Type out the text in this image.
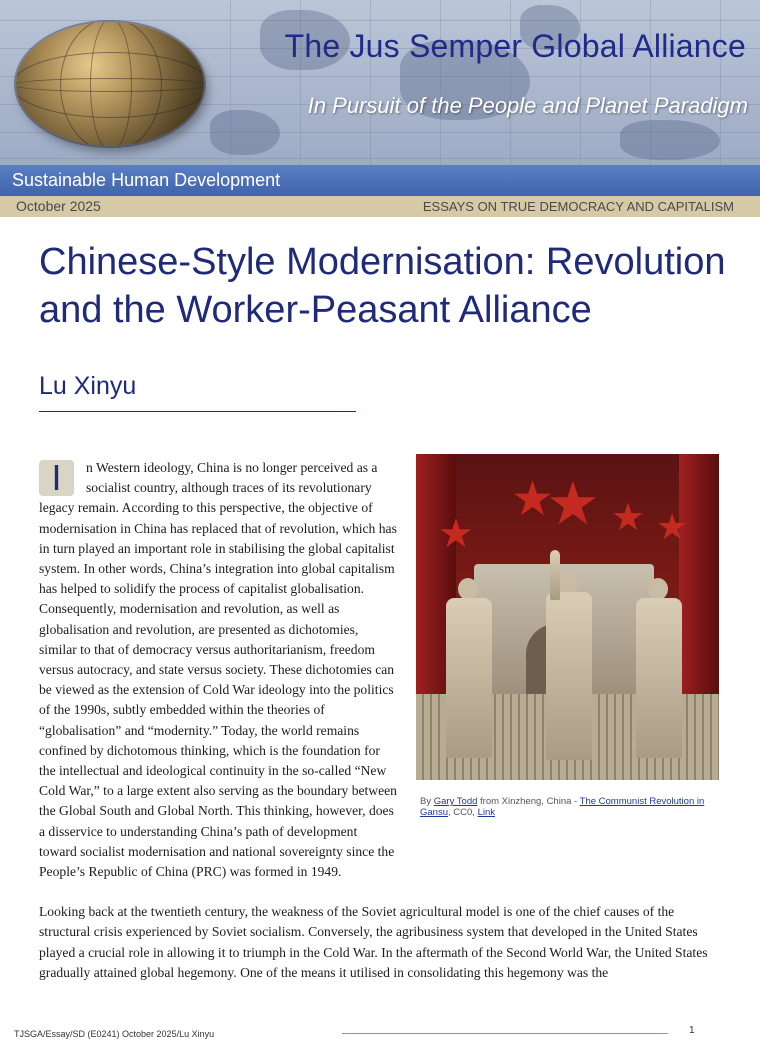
The Jus Semper Global Alliance
In Pursuit of the People and Planet Paradigm
Sustainable Human Development
October 2025	ESSAYS ON TRUE DEMOCRACY AND CAPITALISM
Chinese-Style Modernisation: Revolution and the Worker-Peasant Alliance
Lu Xinyu
★
★
★ ★ ★
By Gary Todd from Xinzheng, China - The Communist Revolution in Gansu, CC0, Link
I	n Western ideology, China is no longer perceived as a socialist country, although traces of its revolutionary legacy remain. According to this perspective, the objective of modernisation in China has replaced that of revolution, which has in turn played an important role in stabilising the global capitalist system. In other words, China’s integration into global capitalism has helped to solidify the process of capitalist globalisation. Consequently, modernisation and revolution, as well as globalisation and revolution, are presented as dichotomies, similar to that of democracy versus authoritarianism, freedom versus autocracy, and state versus society. These dichotomies can be viewed as the extension of Cold War ideology into the politics of the 1990s, subtly embedded within the theories of “globalisation” and “modernity.” Today, the world remains confined by dichotomous thinking, which is the foundation for the intellectual and ideological continuity in the so-called “New Cold War,” to a large extent also serving as the boundary between the Global South and Global North. This thinking, however, does a disservice to understanding China’s path of development toward socialist modernisation and national sovereignty since the People’s Republic of China (PRC) was formed in 1949.

Looking back at the twentieth century, the weakness of the Soviet agricultural model is one of the chief causes of the structural crisis experienced by Soviet socialism. Conversely, the agribusiness system that developed in the United States played a crucial role in allowing it to triumph in the Cold War. In the aftermath of the Second World War, the United States gradually attained global hegemony. One of the means it utilised in consolidating this hegemony was the

TJSGA/Essay/SD (E0241) October 2025/Lu Xinyu	1
